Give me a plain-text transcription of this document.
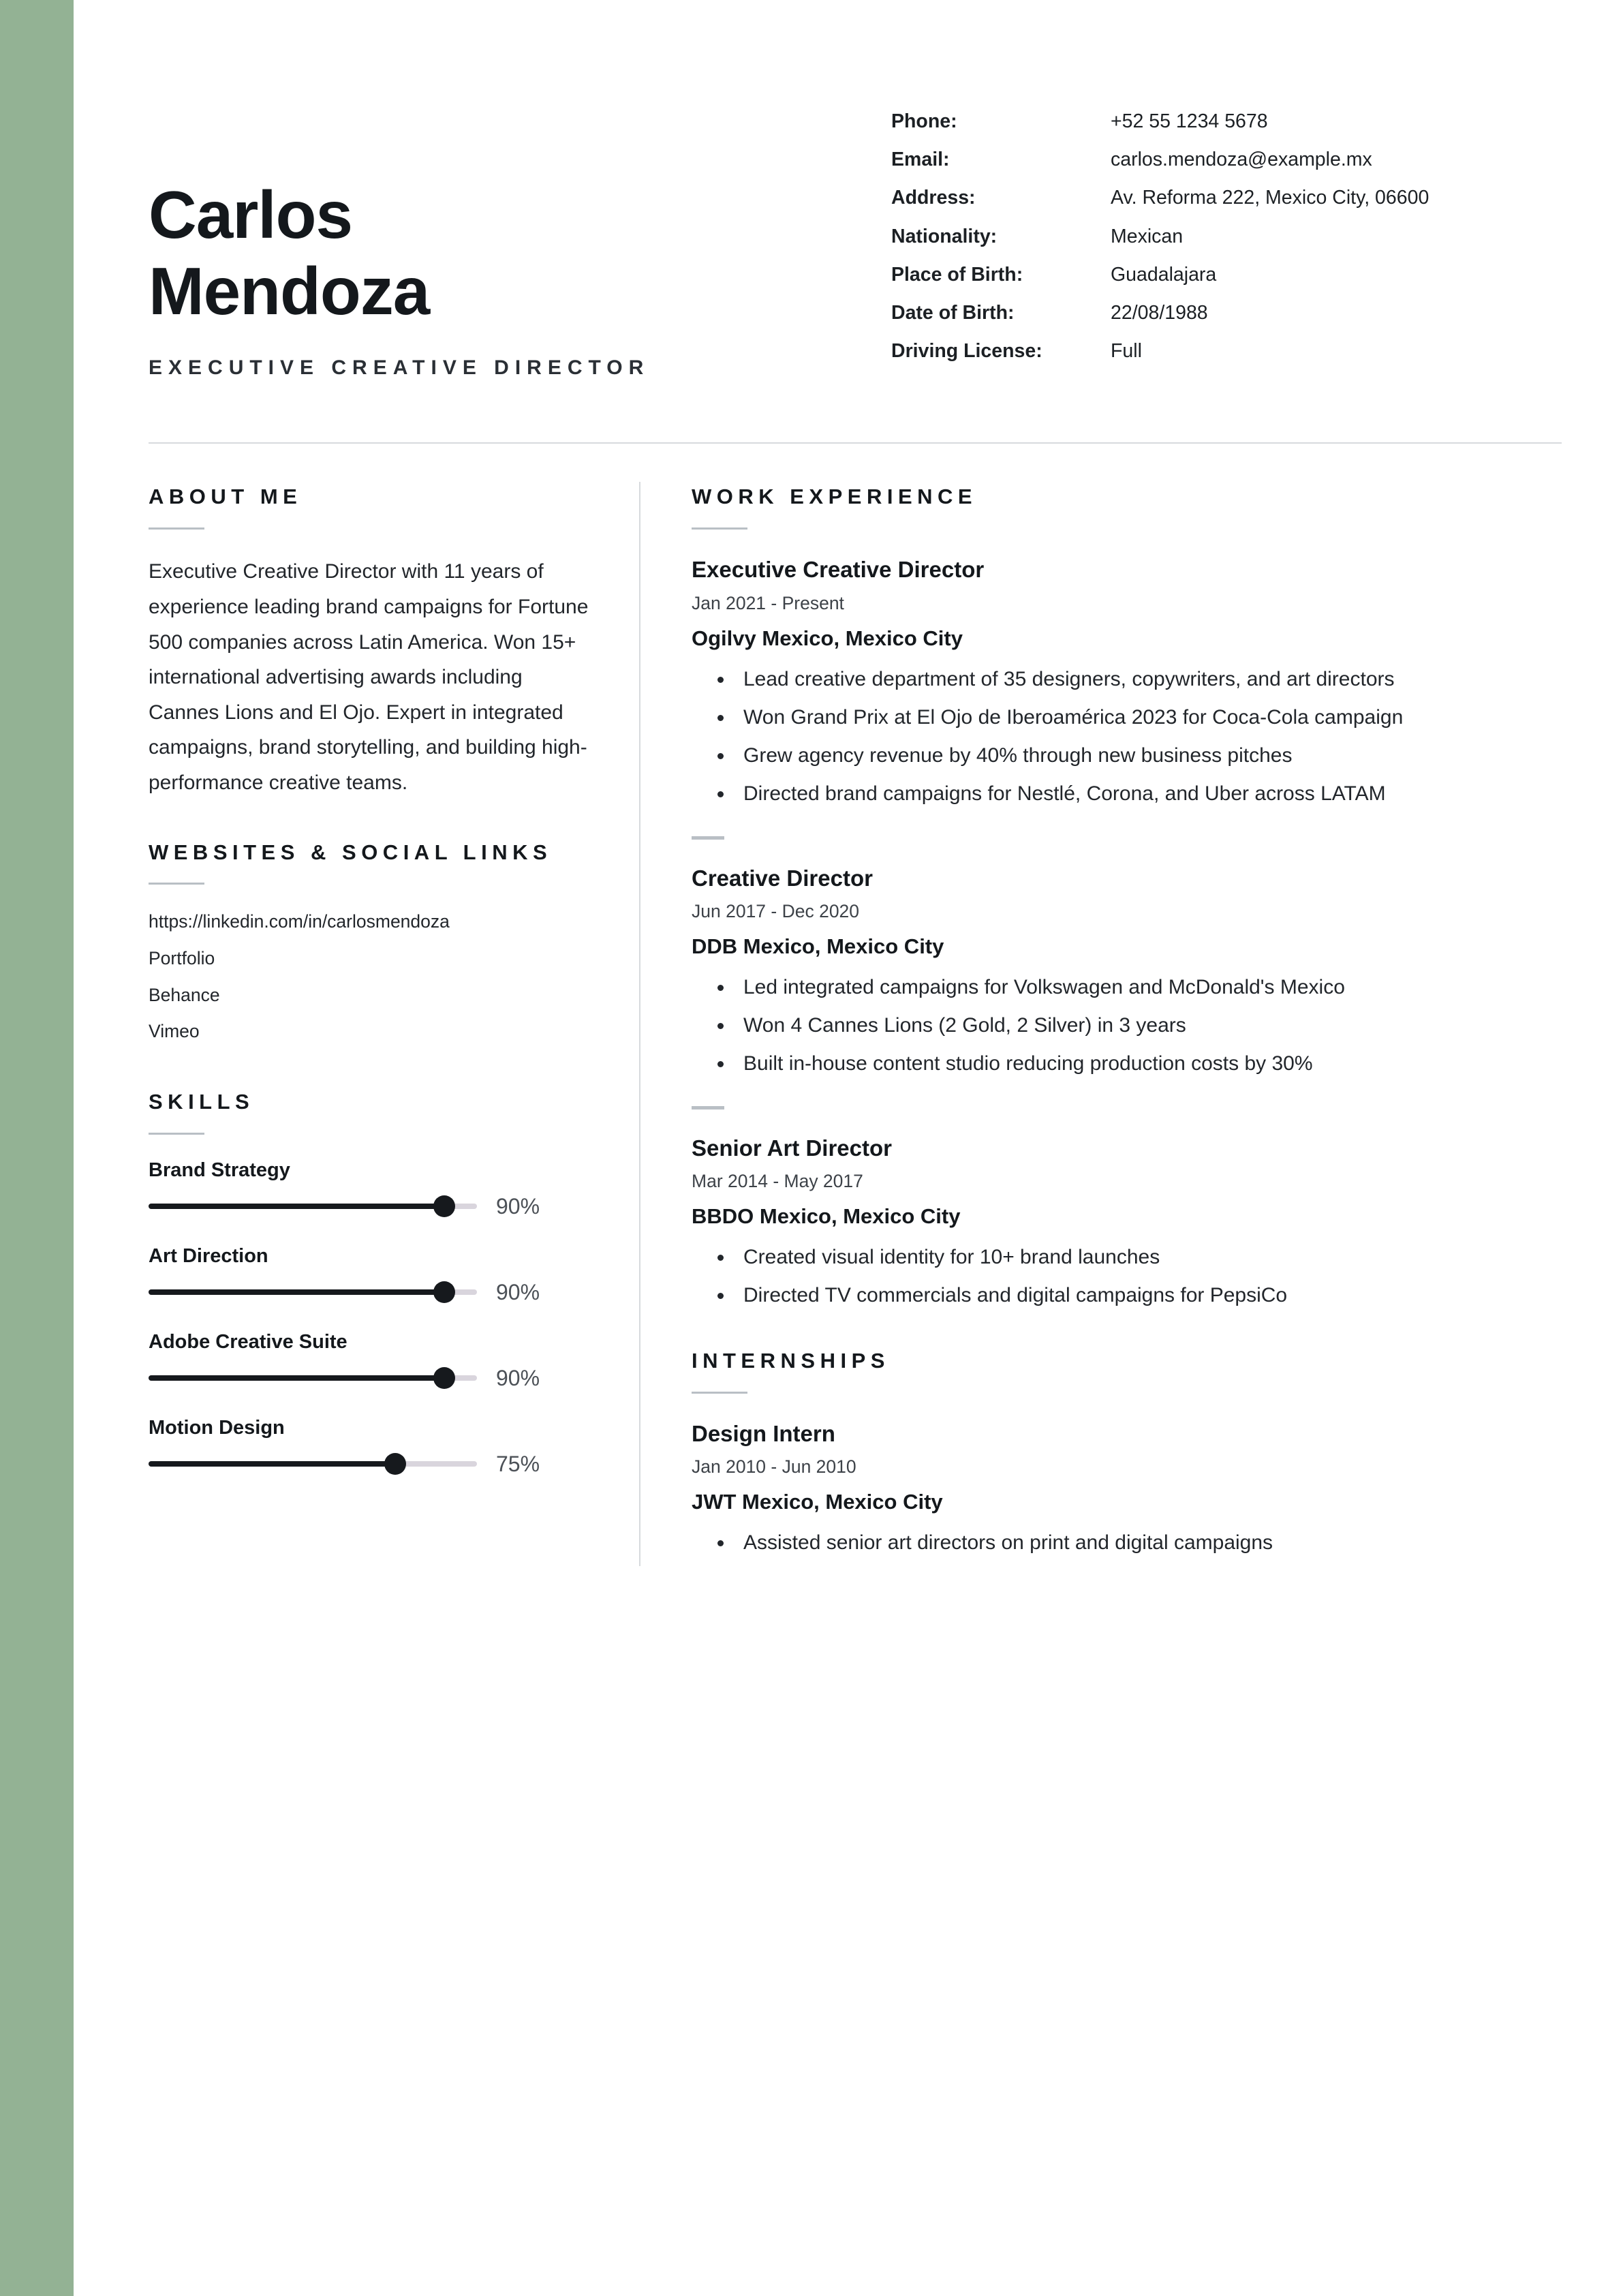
Carlos
Mendoza
EXECUTIVE CREATIVE DIRECTOR
Phone:	+52 55 1234 5678
Email:	carlos.mendoza@example.mx
Address:	Av. Reforma 222, Mexico City, 06600
Nationality:	Mexican
Place of Birth:	Guadalajara
Date of Birth:	22/08/1988
Driving License:	Full
ABOUT ME
Executive Creative Director with 11 years of experience leading brand campaigns for Fortune 500 companies across Latin America. Won 15+ international advertising awards including Cannes Lions and El Ojo. Expert in integrated campaigns, brand storytelling, and building high-performance creative teams.
WEBSITES & SOCIAL LINKS
https://linkedin.com/in/carlosmendoza
Portfolio
Behance
Vimeo
SKILLS
Brand Strategy
90%
Art Direction
90%
Adobe Creative Suite
90%
Motion Design
75%
WORK EXPERIENCE
Executive Creative Director
Jan 2021 - Present
Ogilvy Mexico, Mexico City
• Lead creative department of 35 designers, copywriters, and art directors
• Won Grand Prix at El Ojo de Iberoamérica 2023 for Coca-Cola campaign
• Grew agency revenue by 40% through new business pitches
• Directed brand campaigns for Nestlé, Corona, and Uber across LATAM
Creative Director
Jun 2017 - Dec 2020
DDB Mexico, Mexico City
• Led integrated campaigns for Volkswagen and McDonald's Mexico
• Won 4 Cannes Lions (2 Gold, 2 Silver) in 3 years
• Built in-house content studio reducing production costs by 30%
Senior Art Director
Mar 2014 - May 2017
BBDO Mexico, Mexico City
• Created visual identity for 10+ brand launches
• Directed TV commercials and digital campaigns for PepsiCo
INTERNSHIPS
Design Intern
Jan 2010 - Jun 2010
JWT Mexico, Mexico City
• Assisted senior art directors on print and digital campaigns
